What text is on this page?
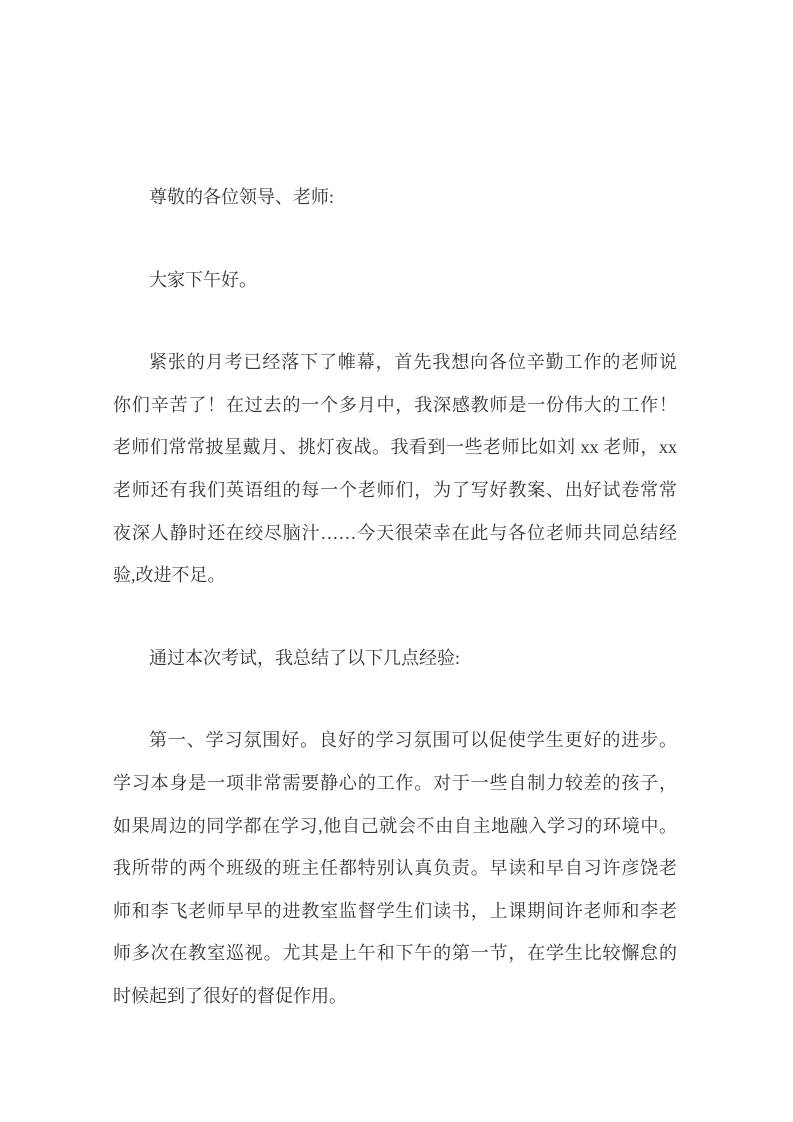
尊敬的各位领导、老师:
大家下午好。
紧张的月考已经落下了帷幕，首先我想向各位辛勤工作的老师说
你们辛苦了！在过去的一个多月中，我深感教师是一份伟大的工作！
老师们常常披星戴月、挑灯夜战。我看到一些老师比如刘 xx 老师，xx
老师还有我们英语组的每一个老师们，为了写好教案、出好试卷常常
夜深人静时还在绞尽脑汁……今天很荣幸在此与各位老师共同总结经
验,改进不足。
通过本次考试，我总结了以下几点经验:
第一、学习氛围好。良好的学习氛围可以促使学生更好的进步。
学习本身是一项非常需要静心的工作。对于一些自制力较差的孩子，
如果周边的同学都在学习,他自己就会不由自主地融入学习的环境中。
我所带的两个班级的班主任都特别认真负责。早读和早自习许彦饶老
师和李飞老师早早的进教室监督学生们读书，上课期间许老师和李老
师多次在教室巡视。尤其是上午和下午的第一节，在学生比较懈怠的
时候起到了很好的督促作用。
